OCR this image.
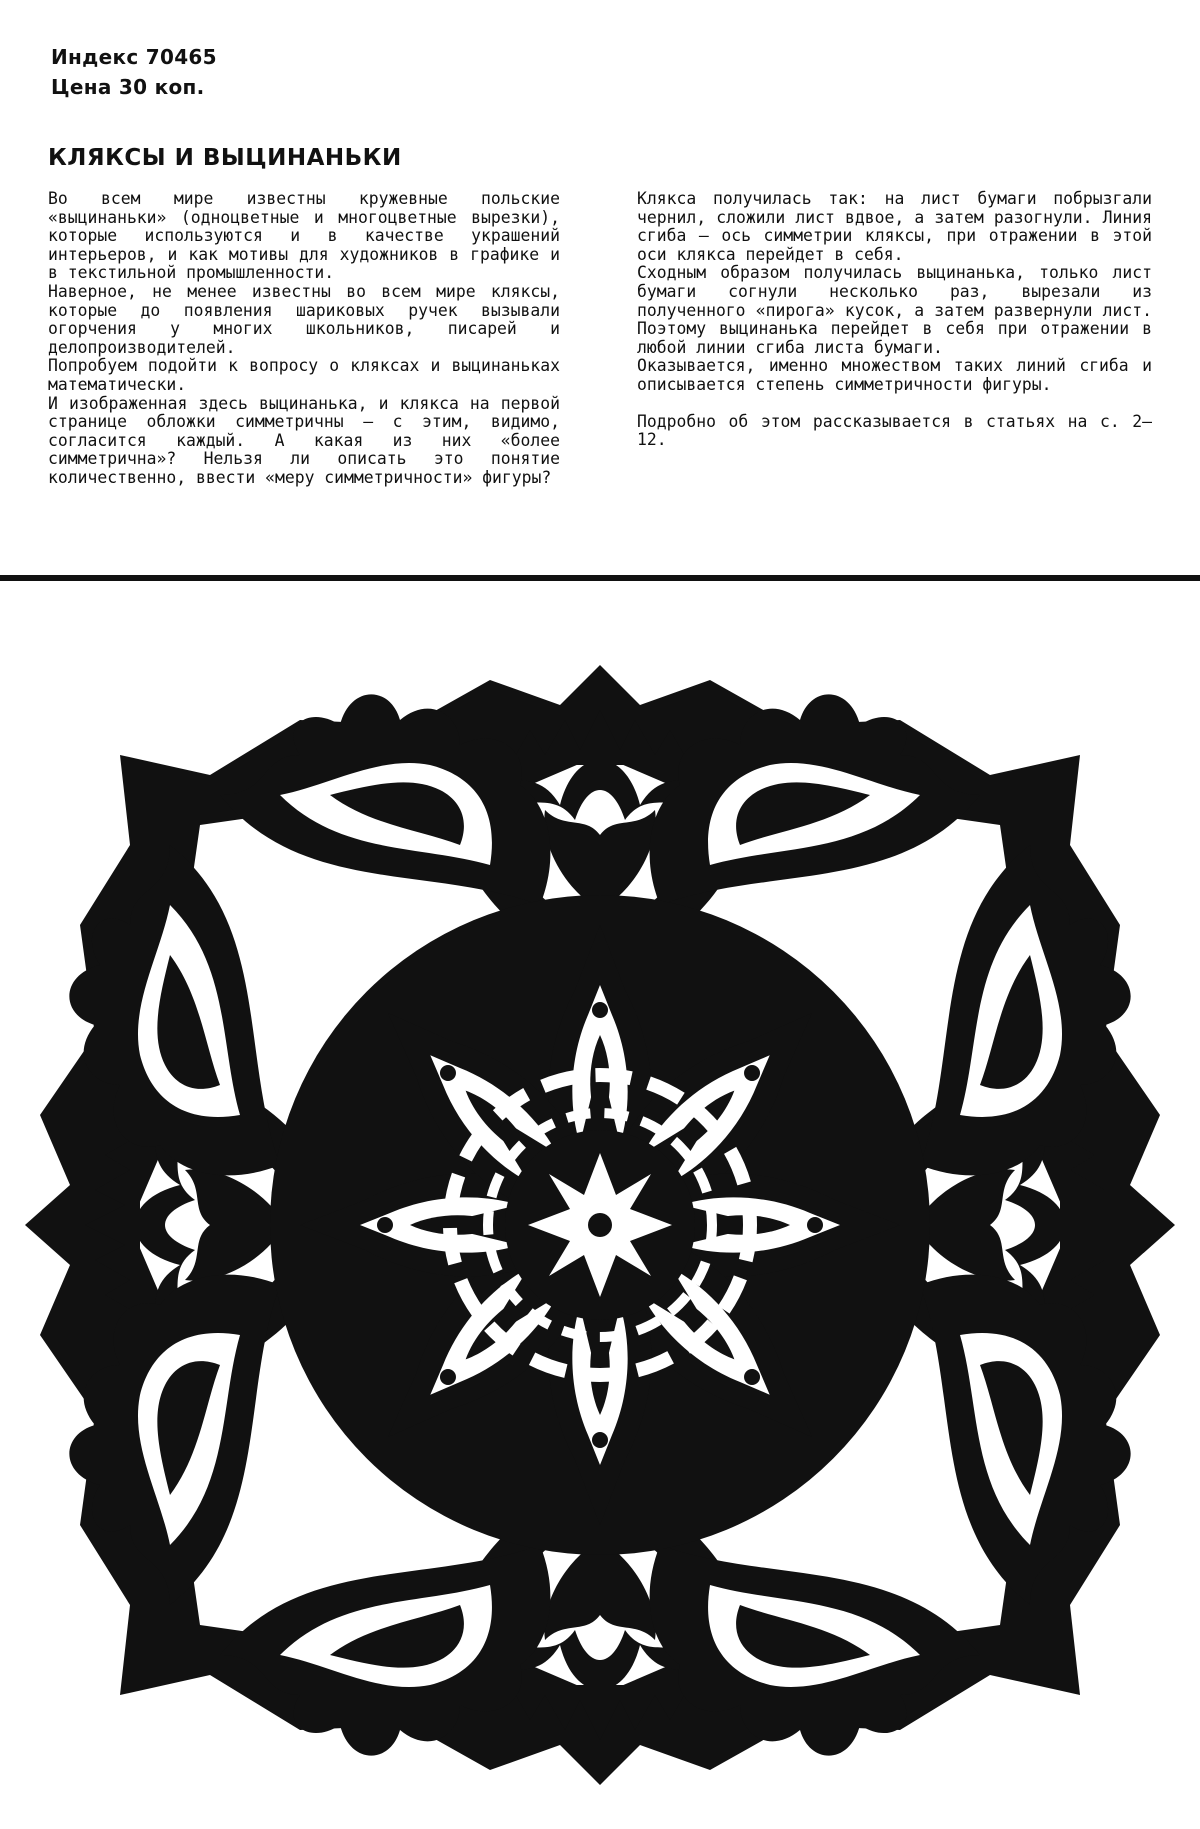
Индекс 70465
Цена 30 коп.
КЛЯКСЫ И ВЫЦИНАНЬКИ

Во всем мире известны кружевные польские «выцинаньки» (одноцветные и многоцветные вырезки), которые используются и в качестве украшений интерьеров, и как мотивы для художников в графике и в текстильной промышленности.

Наверное, не менее известны во всем мире кляксы, которые до появления шариковых ручек вызывали огорчения у многих школьников, писарей и делопроизводителей.

Попробуем подойти к вопросу о кляксах и выцинаньках математически.

И изображенная здесь выцинанька, и клякса на первой странице обложки симметричны — с этим, видимо, согласится каждый. А какая из них «более симметрична»? Нельзя ли описать это понятие количественно, ввести «меру симметричности» фигуры?

Клякса получилась так: на лист бумаги побрызгали чернил, сложили лист вдвое, а затем разогнули. Линия сгиба — ось симметрии кляксы, при отражении в этой оси клякса перейдет в себя.

Сходным образом получилась выцинанька, только лист бумаги согнули несколько раз, вырезали из полученного «пирога» кусок, а затем развернули лист. Поэтому выцинанька перейдет в себя при отражении в любой линии сгиба листа бумаги.

Оказывается, именно множеством таких линий сгиба и описывается степень симметричности фигуры.

Подробно об этом рассказывается в статьях на с. 2—12.
